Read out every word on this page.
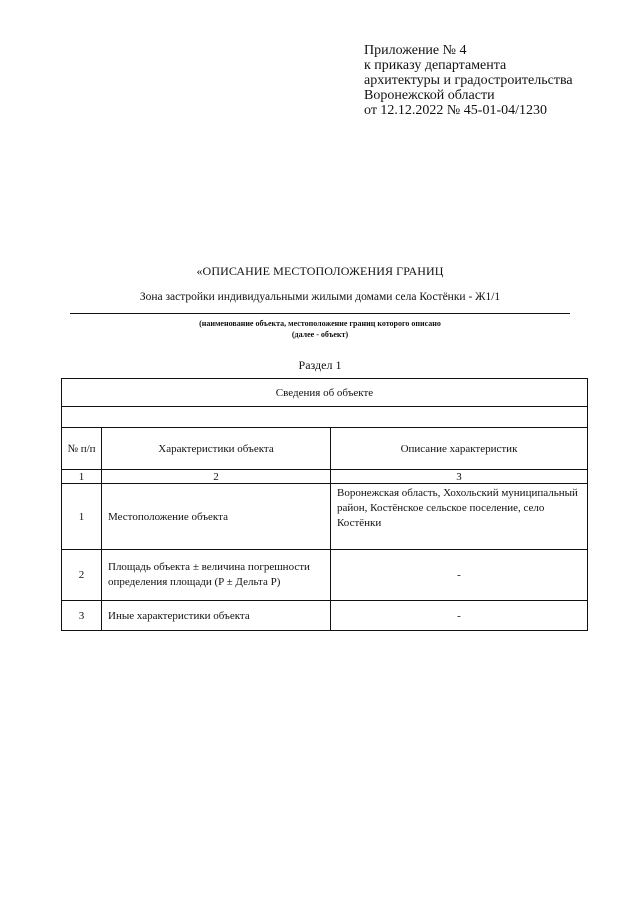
Приложение № 4
к приказу департамента
архитектуры и градостроительства
Воронежской области
от 12.12.2022 № 45-01-04/1230
«ОПИСАНИЕ МЕСТОПОЛОЖЕНИЯ ГРАНИЦ
Зона застройки индивидуальными жилыми домами села Костёнки - Ж1/1
(наименование объекта, местоположение границ которого описано
(далее - объект)
Раздел 1
Сведения об объекте		

№ п/п	Характеристики объекта	Описание характеристик
1	2	3
1	Местоположение объекта	Воронежская область, Хохольский муниципальный район, Костёнское сельское поселение, село Костёнки
2	Площадь объекта ± величина погрешности определения площади (P ± Дельта P)	-
3	Иные характеристики объекта	-
